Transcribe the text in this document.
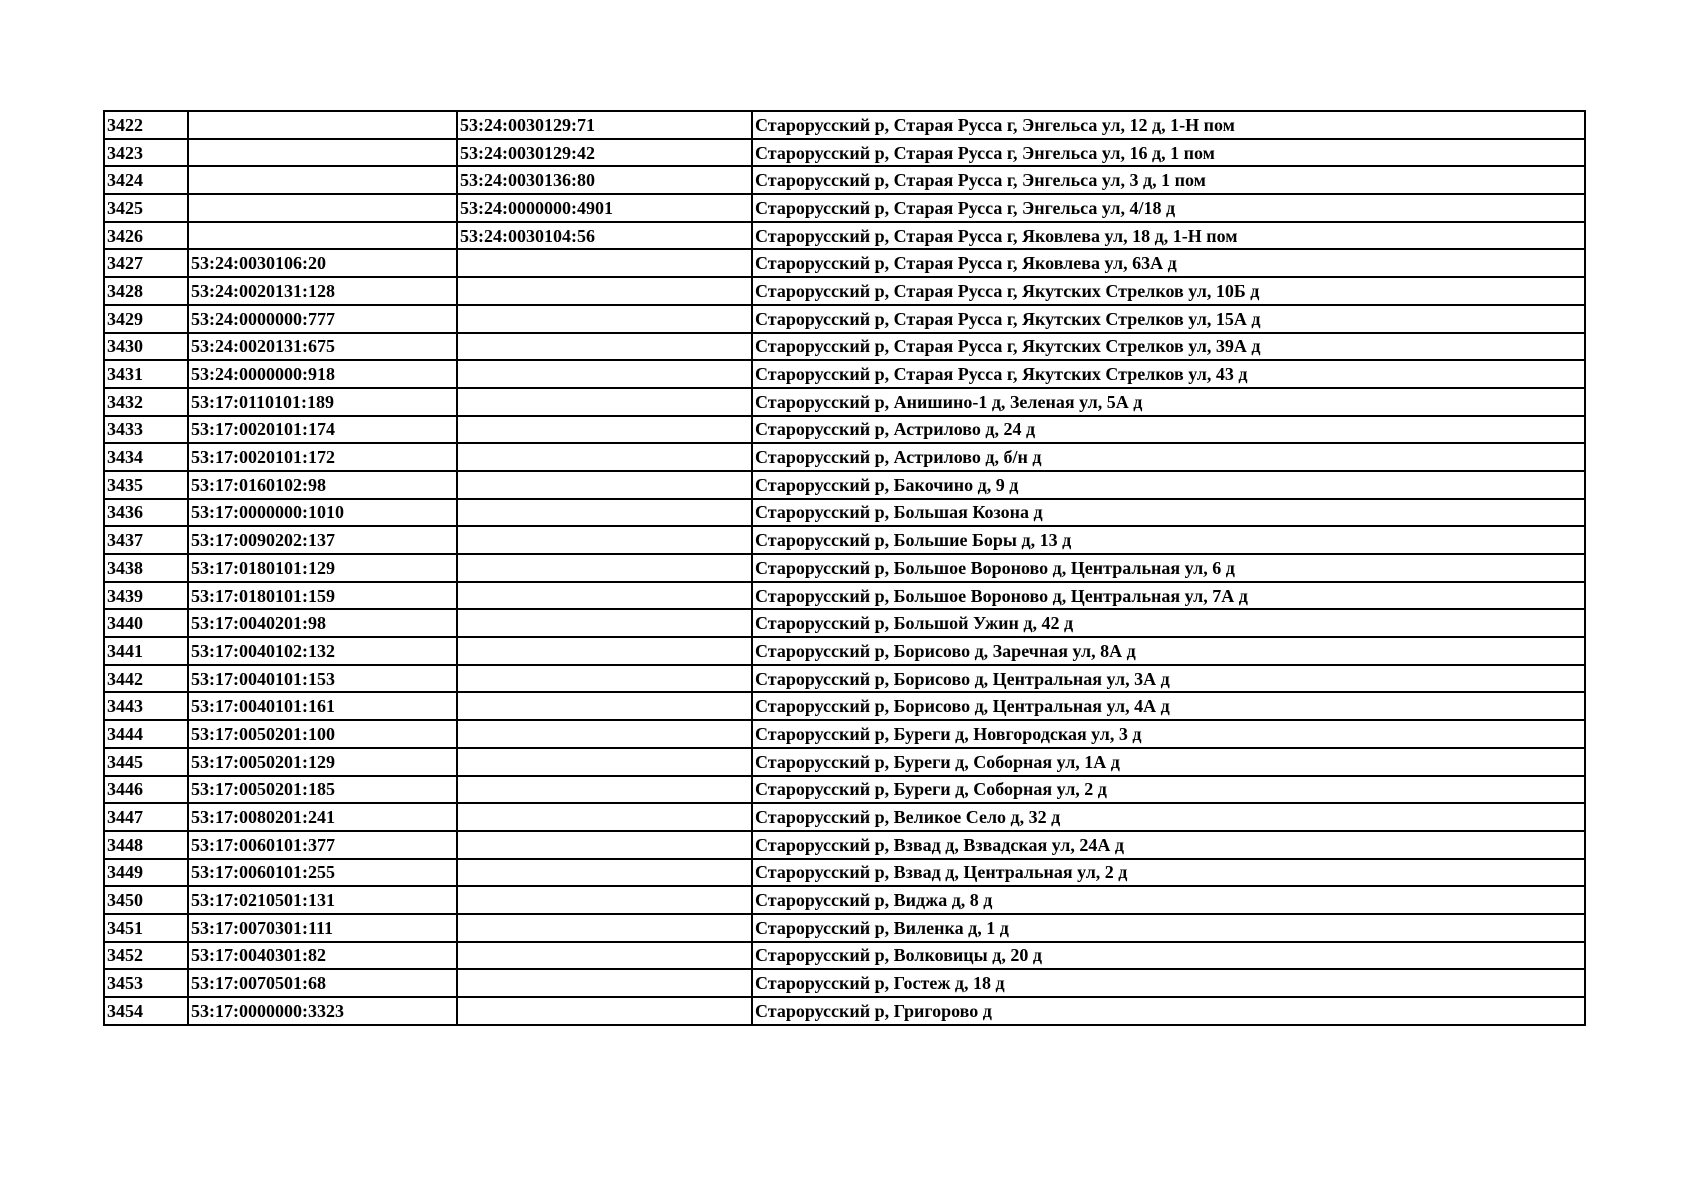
3422		53:24:0030129:71	Старорусский р, Старая Русса г, Энгельса ул, 12 д, 1-Н пом
3423		53:24:0030129:42	Старорусский р, Старая Русса г, Энгельса ул, 16 д, 1 пом
3424		53:24:0030136:80	Старорусский р, Старая Русса г, Энгельса ул, 3 д, 1 пом
3425		53:24:0000000:4901	Старорусский р, Старая Русса г, Энгельса ул, 4/18 д
3426		53:24:0030104:56	Старорусский р, Старая Русса г, Яковлева ул, 18 д, 1-Н пом
3427	53:24:0030106:20		Старорусский р, Старая Русса г, Яковлева ул, 63А д
3428	53:24:0020131:128		Старорусский р, Старая Русса г, Якутских Стрелков ул, 10Б д
3429	53:24:0000000:777		Старорусский р, Старая Русса г, Якутских Стрелков ул, 15А д
3430	53:24:0020131:675		Старорусский р, Старая Русса г, Якутских Стрелков ул, 39А д
3431	53:24:0000000:918		Старорусский р, Старая Русса г, Якутских Стрелков ул, 43 д
3432	53:17:0110101:189		Старорусский р, Анишино-1 д, Зеленая ул, 5А д
3433	53:17:0020101:174		Старорусский р, Астрилово д, 24 д
3434	53:17:0020101:172		Старорусский р, Астрилово д, б/н д
3435	53:17:0160102:98		Старорусский р, Бакочино д, 9 д
3436	53:17:0000000:1010		Старорусский р, Большая Козона д
3437	53:17:0090202:137		Старорусский р, Большие Боры д, 13 д
3438	53:17:0180101:129		Старорусский р, Большое Вороново д, Центральная ул, 6 д
3439	53:17:0180101:159		Старорусский р, Большое Вороново д, Центральная ул, 7А д
3440	53:17:0040201:98		Старорусский р, Большой Ужин д, 42 д
3441	53:17:0040102:132		Старорусский р, Борисово д, Заречная ул, 8А д
3442	53:17:0040101:153		Старорусский р, Борисово д, Центральная ул, 3А д
3443	53:17:0040101:161		Старорусский р, Борисово д, Центральная ул, 4А д
3444	53:17:0050201:100		Старорусский р, Буреги д, Новгородская ул, 3 д
3445	53:17:0050201:129		Старорусский р, Буреги д, Соборная ул, 1А д
3446	53:17:0050201:185		Старорусский р, Буреги д, Соборная ул, 2 д
3447	53:17:0080201:241		Старорусский р, Великое Село д, 32 д
3448	53:17:0060101:377		Старорусский р, Взвад д, Взвадская ул, 24А д
3449	53:17:0060101:255		Старорусский р, Взвад д, Центральная ул, 2 д
3450	53:17:0210501:131		Старорусский р, Виджа д, 8 д
3451	53:17:0070301:111		Старорусский р, Виленка д, 1 д
3452	53:17:0040301:82		Старорусский р, Волковицы д, 20 д
3453	53:17:0070501:68		Старорусский р, Гостеж д, 18 д
3454	53:17:0000000:3323		Старорусский р, Григорово д
